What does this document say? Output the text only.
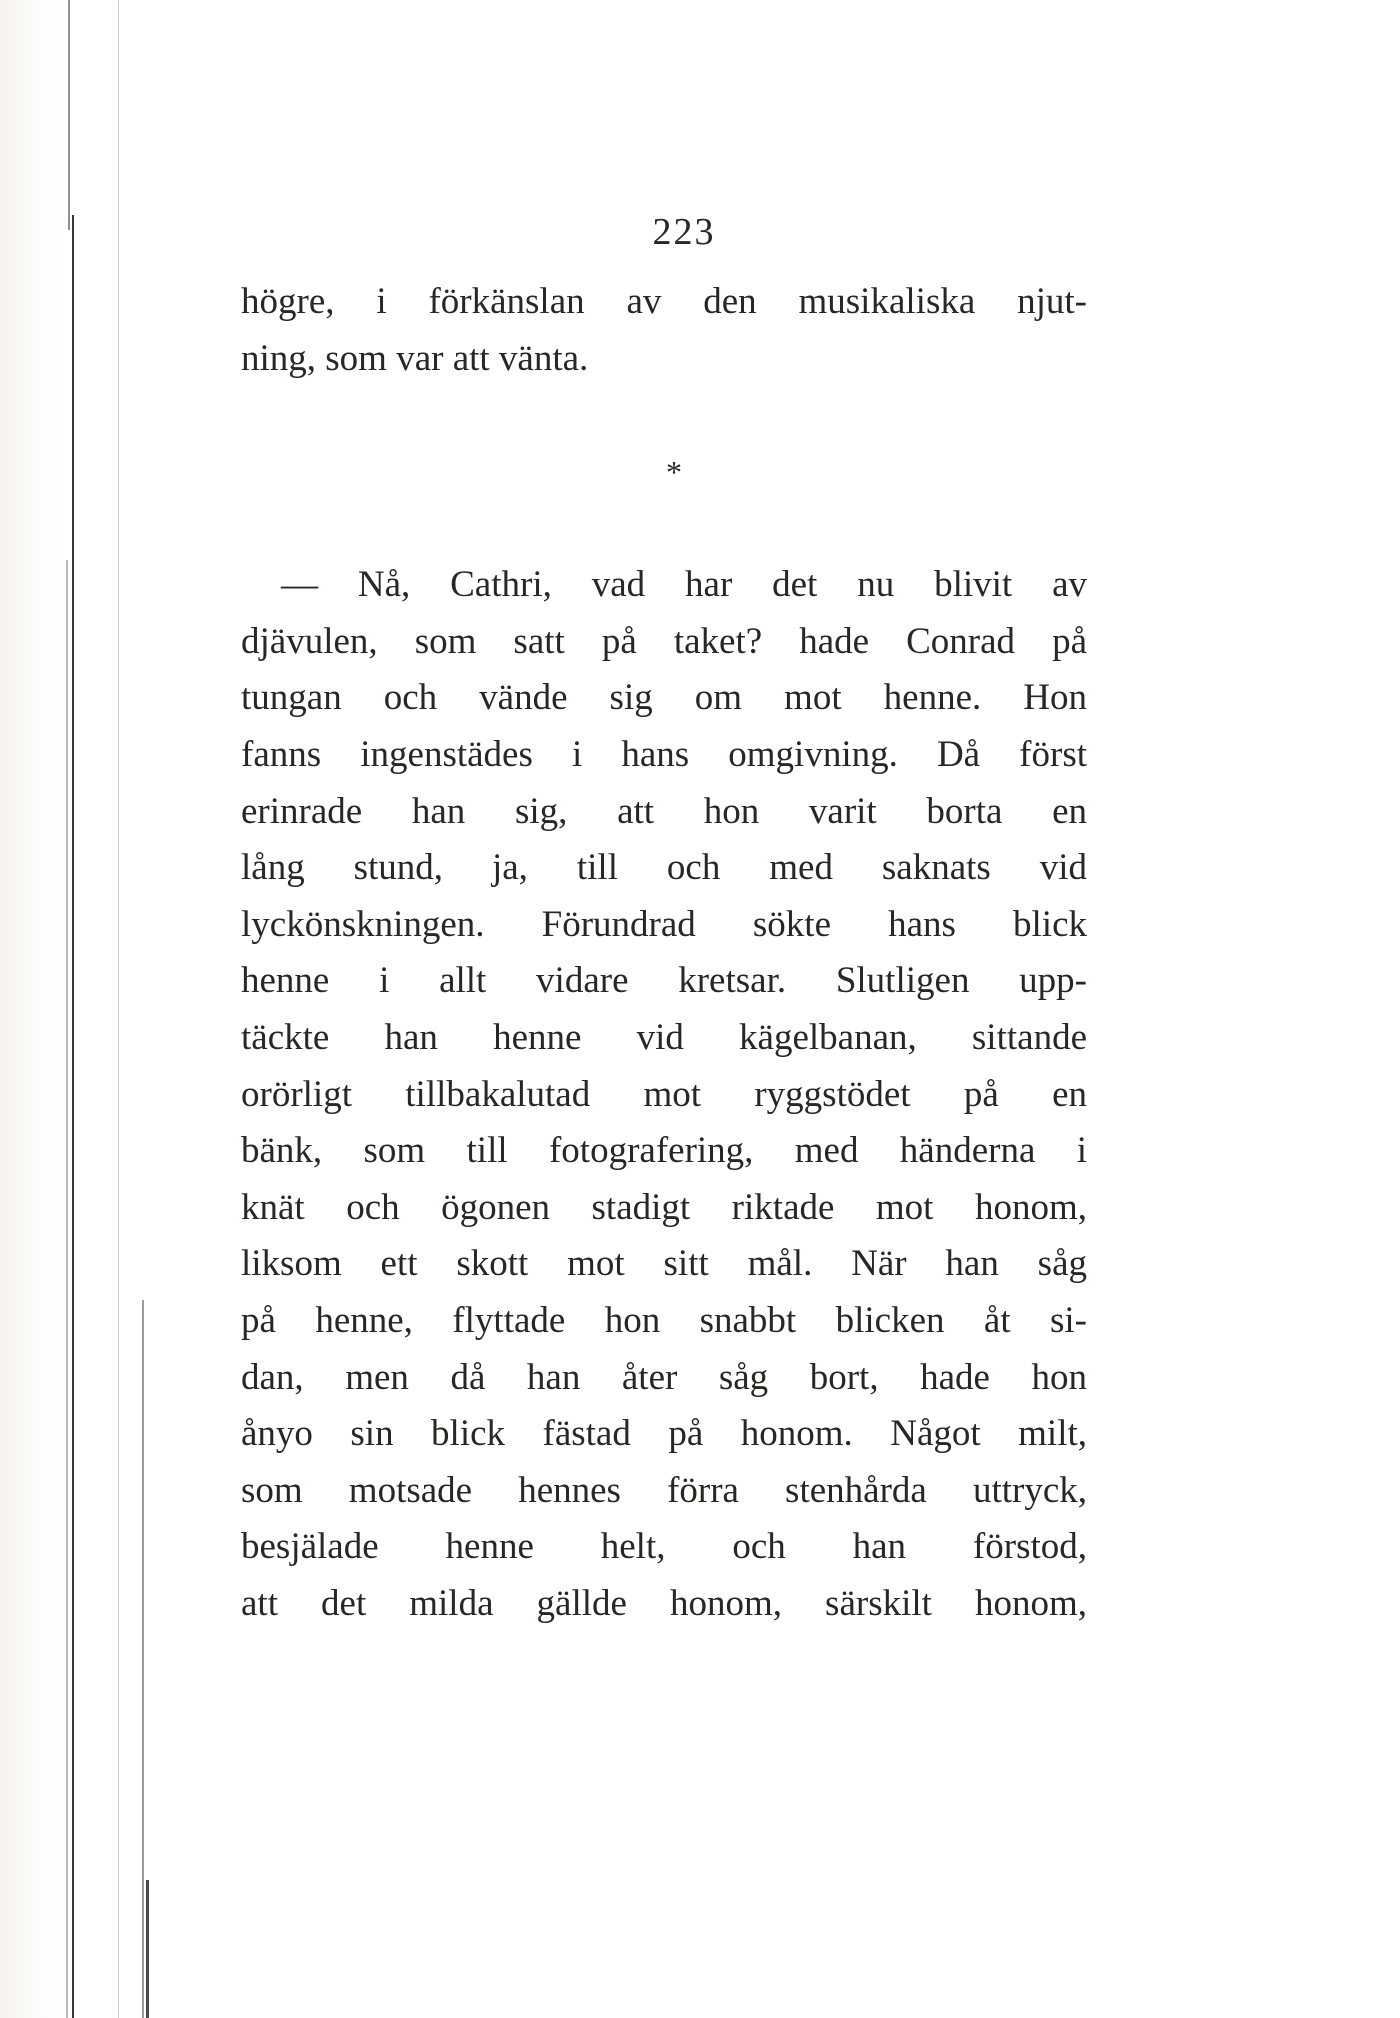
223
högre, i förkänslan av den musikaliska njut-
ning, som var att vänta.
*
— Nå, Cathri, vad har det nu blivit av
djävulen, som satt på taket? hade Conrad på
tungan och vände sig om mot henne. Hon
fanns ingenstädes i hans omgivning. Då först
erinrade han sig, att hon varit borta en
lång stund, ja, till och med saknats vid
lyckönskningen. Förundrad sökte hans blick
henne i allt vidare kretsar. Slutligen upp-
täckte han henne vid kägelbanan, sittande
orörligt tillbakalutad mot ryggstödet på en
bänk, som till fotografering, med händerna i
knät och ögonen stadigt riktade mot honom,
liksom ett skott mot sitt mål. När han såg
på henne, flyttade hon snabbt blicken åt si-
dan, men då han åter såg bort, hade hon
ånyo sin blick fästad på honom. Något milt,
som motsade hennes förra stenhårda uttryck,
besjälade henne helt, och han förstod,
att det milda gällde honom, särskilt honom,
